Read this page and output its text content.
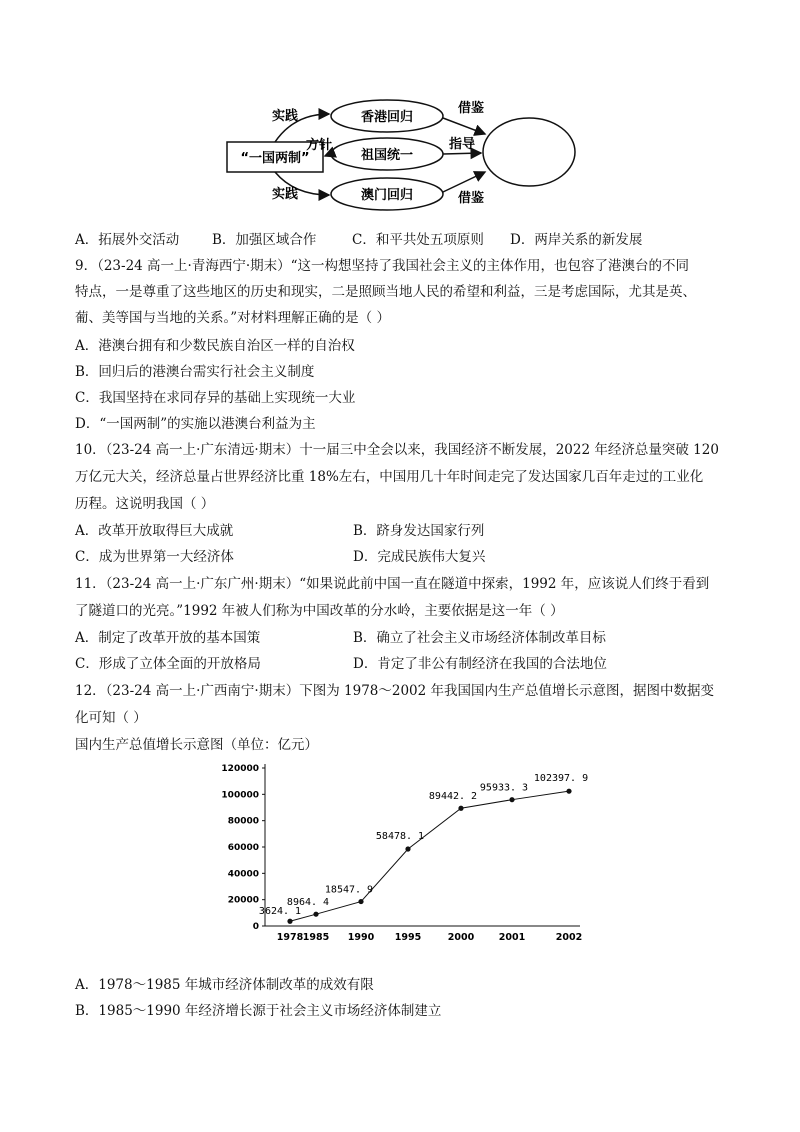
“一国两制”
香港回归
祖国统一
澳门回归
实践
方针
实践
借鉴
指导
借鉴
A．拓展外交活动 B．加强区域合作	C．和平共处五项原则 D．两岸关系的新发展
9．（23-24 高一上·青海西宁·期末）“这一构想坚持了我国社会主义的主体作用，也包容了港澳台的不同
特点，一是尊重了这些地区的历史和现实，二是照顾当地人民的希望和利益，三是考虑国际，尤其是英、
葡、美等国与当地的关系。”对材料理解正确的是（ ）
A．港澳台拥有和少数民族自治区一样的自治权
B．回归后的港澳台需实行社会主义制度
C．我国坚持在求同存异的基础上实现统一大业
D．“一国两制”的实施以港澳台利益为主
10．（23-24 高一上·广东清远·期末）十一届三中全会以来，我国经济不断发展，2022 年经济总量突破 120
万亿元大关，经济总量占世界经济比重 18%左右，中国用几十年时间走完了发达国家几百年走过的工业化
历程。这说明我国（ ）
A．改革开放取得巨大成就	B．跻身发达国家行列
C．成为世界第一大经济体	D．完成民族伟大复兴
11．（23-24 高一上·广东广州·期末）“如果说此前中国一直在隧道中探索，1992 年，应该说人们终于看到
了隧道口的光亮。”1992 年被人们称为中国改革的分水岭，主要依据是这一年（ ）
A．制定了改革开放的基本国策	B．确立了社会主义市场经济体制改革目标
C．形成了立体全面的开放格局	D．肯定了非公有制经济在我国的合法地位
12．（23-24 高一上·广西南宁·期末）下图为 1978～2002 年我国国内生产总值增长示意图，据图中数据变
化可知（ ）
国内生产总值增长示意图（单位：亿元）
0
20000
40000
60000
80000
100000
120000
1978 1985 1990 1995	2000	2001	2002
3624. 1
8964. 4
18547. 9
58478. 1
89442. 2
95933. 3
102397. 9
A．1978～1985 年城市经济体制改革的成效有限
B．1985～1990 年经济增长源于社会主义市场经济体制建立
